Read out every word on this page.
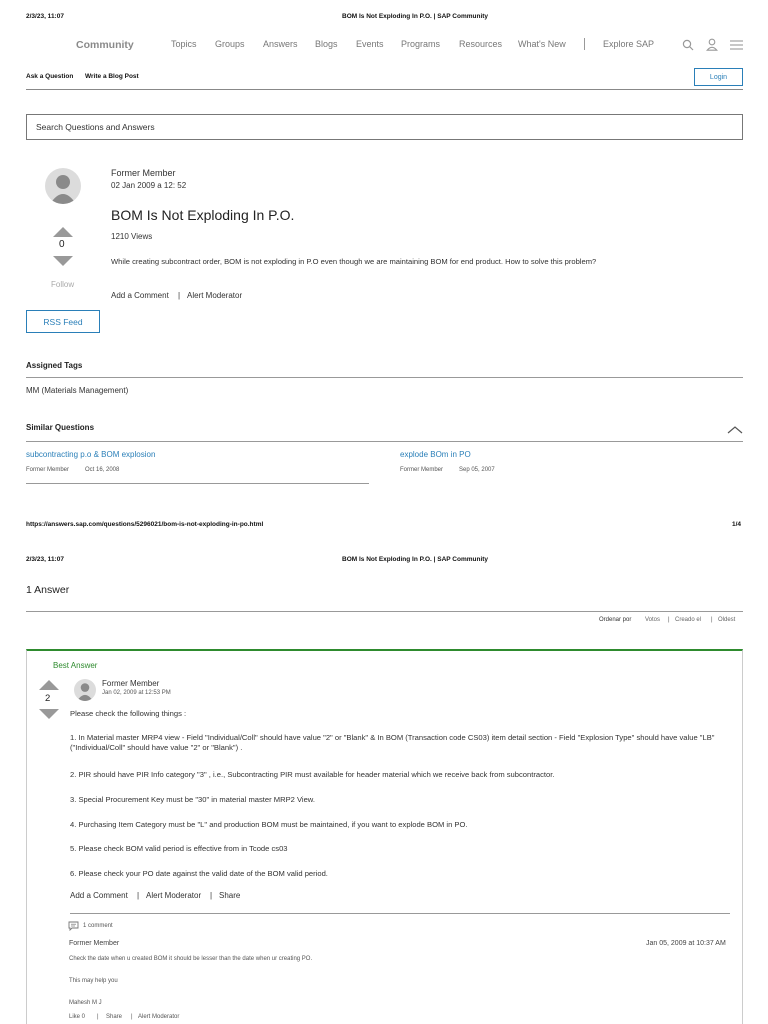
2/3/23, 11:07	BOM Is Not Exploding In P.O. | SAP Community
Community	Topics Groups Answers Blogs Events Programs Resources What's New	Explore SAP
Ask a Question Write a Blog Post	Login
Search Questions and Answers
Former Member
02 Jan 2009 a 12: 52
BOM Is Not Exploding In P.O.
1210 Views
0
Follow
While creating subcontract order, BOM is not exploding in P.O even though we are maintaining BOM for end product. How to solve this problem?
Add a Comment | Alert Moderator
RSS Feed
Assigned Tags
MM (Materials Management)
Similar Questions
subcontracting p.o & BOM explosion
Former Member	Oct 16, 2008
explode BOm in PO
Former Member	Sep 05, 2007
https://answers.sap.com/questions/5296021/bom-is-not-exploding-in-po.html	1/4
2/3/23, 11:07	BOM Is Not Exploding In P.O. | SAP Community
1 Answer
Ordenar por Votos | Creado el | Oldest
Best Answer
2
Former Member
Jan 02, 2009 at 12:53 PM
Please check the following things :
1. In Material master MRP4 view - Field "Individual/Coll" should have value "2" or "Blank" & In BOM (Transaction code CS03) item detail section - Field "Explosion Type" should have value "LB" ("Individual/Coll" should have value "2" or "Blank") .
2. PIR should have PIR Info category "3" , i.e., Subcontracting PIR must available for header material which we receive back from subcontractor.
3. Special Procurement Key must be "30" in material master MRP2 View.
4. Purchasing Item Category must be "L" and production BOM must be maintained, if you want to explode BOM in PO.
5. Please check BOM valid period is effective from in Tcode cs03
6. Please check your PO date against the valid date of the BOM valid period.
Add a Comment | Alert Moderator | Share
1 comment
Former Member	Jan 05, 2009 at 10:37 AM
Check the date when u created BOM it should be lesser than the date when ur creating PO.
This may help you
Mahesh M J
Like 0 | Share | Alert Moderator
